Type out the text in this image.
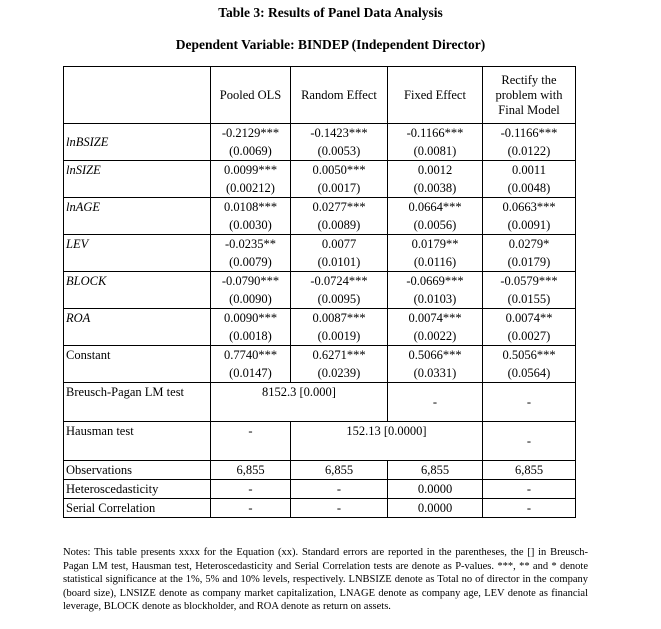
Table 3: Results of Panel Data Analysis
Dependent Variable: BINDEP (Independent Director)
	Pooled OLS	Random Effect	Fixed Effect	Rectify the problem with Final Model
lnBSIZE	-0.2129***	-0.1423***	-0.1166***	-0.1166***
	(0.0069)	(0.0053)	(0.0081)	(0.0122)
lnSIZE	0.0099***	0.0050***	0.0012	0.0011
	(0.00212)	(0.0017)	(0.0038)	(0.0048)
lnAGE	0.0108***	0.0277***	0.0664***	0.0663***
	(0.0030)	(0.0089)	(0.0056)	(0.0091)
LEV	-0.0235**	0.0077	0.0179**	0.0279*
	(0.0079)	(0.0101)	(0.0116)	(0.0179)
BLOCK	-0.0790***	-0.0724***	-0.0669***	-0.0579***
	(0.0090)	(0.0095)	(0.0103)	(0.0155)
ROA	0.0090***	0.0087***	0.0074***	0.0074**
	(0.0018)	(0.0019)	(0.0022)	(0.0027)
Constant	0.7740***	0.6271***	0.5066***	0.5056***
	(0.0147)	(0.0239)	(0.0331)	(0.0564)
Breusch-Pagan LM test	8152.3 [0.000]		-	-
Hausman test	-	152.13 [0.0000]		-
Observations	6,855	6,855	6,855	6,855
Heteroscedasticity	-	-	0.0000	-
Serial Correlation	-	-	0.0000	-
Notes: This table presents xxxx for the Equation (xx). Standard errors are reported in the parentheses, the [] in Breusch-Pagan LM test, Hausman test, Heteroscedasticity and Serial Correlation tests are denote as P-values. ***, ** and * denote statistical significance at the 1%, 5% and 10% levels, respectively. LNBSIZE denote as Total no of director in the company (board size), LNSIZE denote as company market capitalization, LNAGE denote as company age, LEV denote as financial leverage, BLOCK denote as blockholder, and ROA denote as return on assets.
